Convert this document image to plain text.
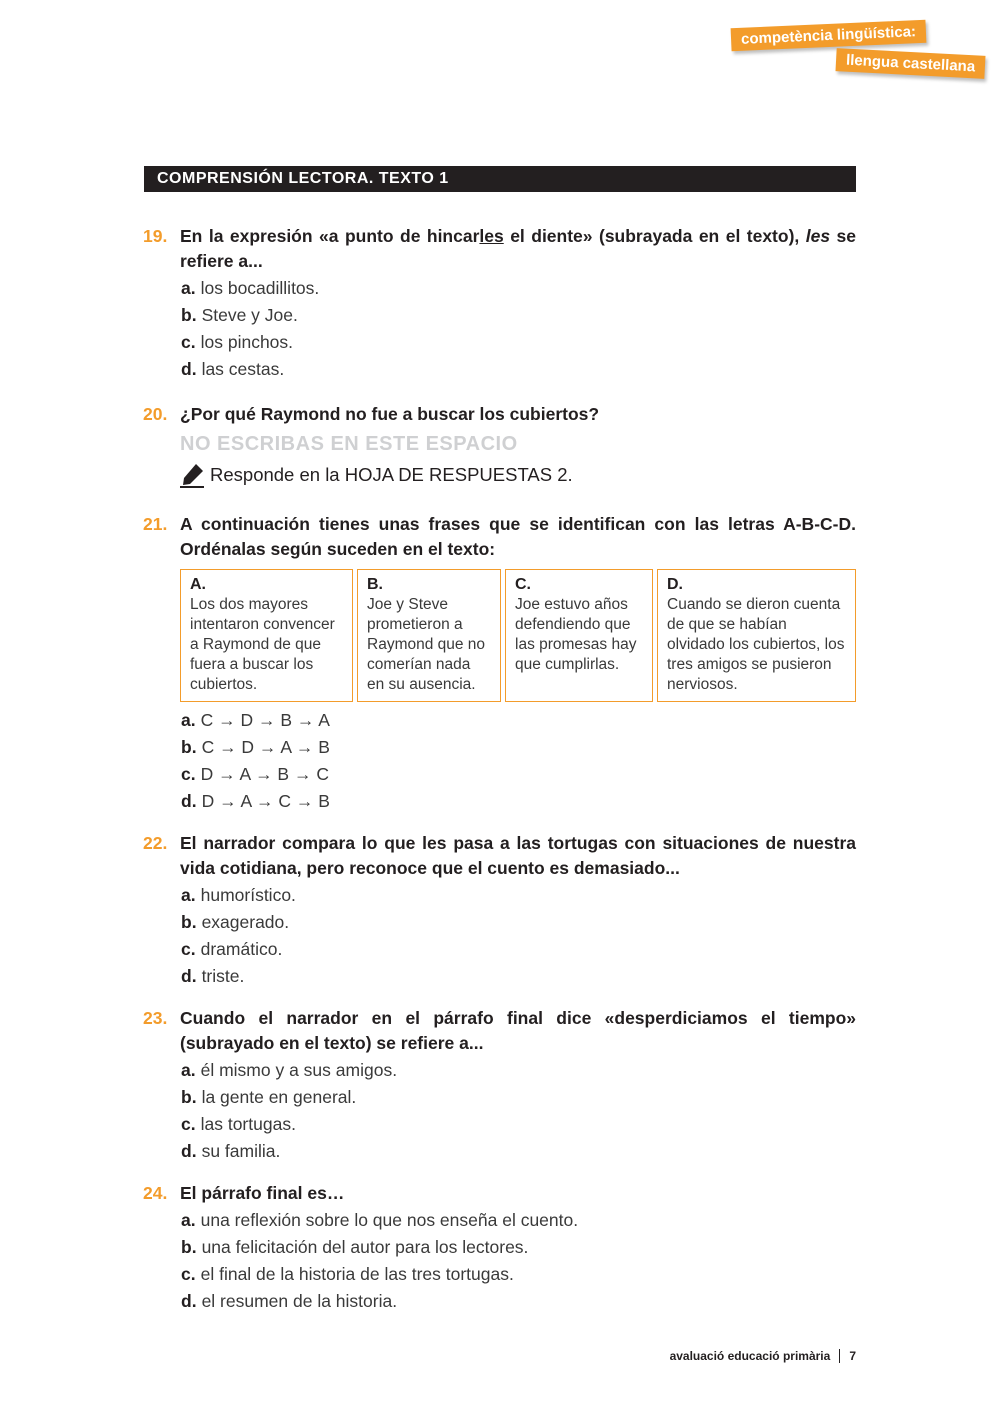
competència lingüística:
llengua castellana
COMPRENSIÓN LECTORA. TEXTO 1
19. En la expresión «a punto de hincarles el diente» (subrayada en el texto), les se refiere a...
a. los bocadillitos.
b. Steve y Joe.
c. los pinchos.
d. las cestas.
20. ¿Por qué Raymond no fue a buscar los cubiertos?
NO ESCRIBAS EN ESTE ESPACIO
Responde en la HOJA DE RESPUESTAS 2.
21. A continuación tienes unas frases que se identifican con las letras A-B-C-D. Ordénalas según suceden en el texto:
A.
Los dos mayores intentaron convencer a Raymond de que fuera a buscar los cubiertos.
B.
Joe y Steve prometieron a Raymond que no comerían nada en su ausencia.
C.
Joe estuvo años defendiendo que las promesas hay que cumplirlas.
D.
Cuando se dieron cuenta de que se habían olvidado los cubiertos, los tres amigos se pusieron nerviosos.
a. C → D → B → A
b. C → D → A → B
c. D → A → B → C
d. D → A → C → B
22. El narrador compara lo que les pasa a las tortugas con situaciones de nuestra vida cotidiana, pero reconoce que el cuento es demasiado...
a. humorístico.
b. exagerado.
c. dramático.
d. triste.
23. Cuando el narrador en el párrafo final dice «desperdiciamos el tiempo» (subrayado en el texto) se refiere a...
a. él mismo y a sus amigos.
b. la gente en general.
c. las tortugas.
d. su familia.
24. El párrafo final es…
a. una reflexión sobre lo que nos enseña el cuento.
b. una felicitación del autor para los lectores.
c. el final de la historia de las tres tortugas.
d. el resumen de la historia.
avaluació educació primària 7
